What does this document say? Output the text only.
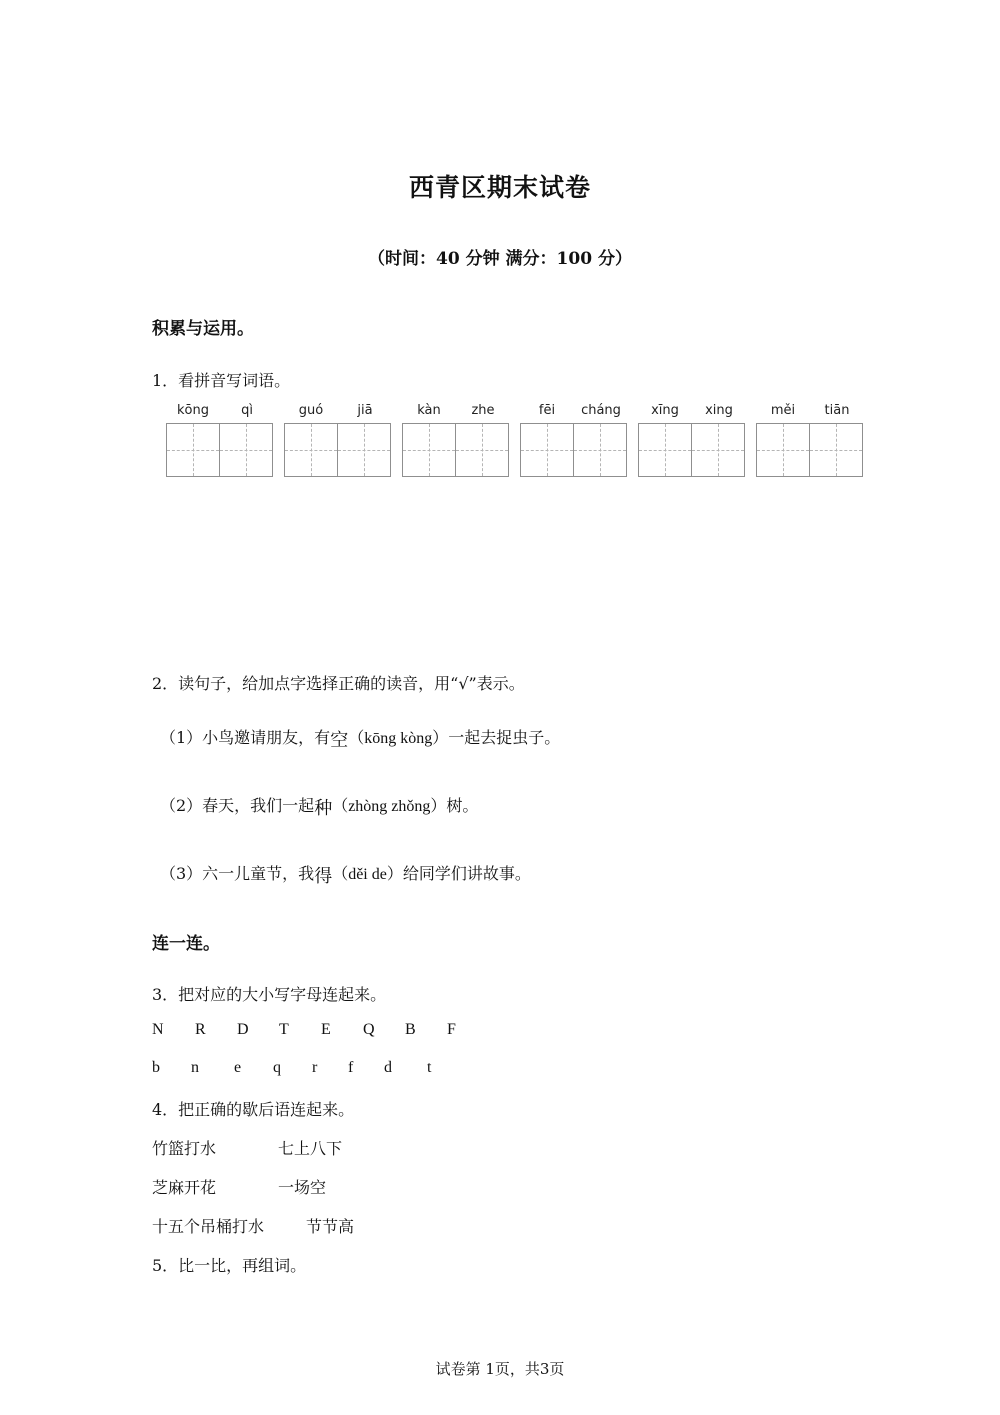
西青区期末试卷
（时间：40 分钟 满分：100 分）
积累与运用。
1．看拼音写词语。
kōng	qì	guó	jiā	kàn	zhe	fēi	cháng	xīng	xing	měi	tiān
2．读句子，给加点字选择正确的读音，用“√”表示。
（1）小鸟邀请朋友，有空（kōng kòng）一起去捉虫子。
（2）春天，我们一起种（zhòng zhǒng）树。
（3）六一儿童节，我得（děi de）给同学们讲故事。
连一连。
3．把对应的大小写字母连起来。
N R D T E Q B F
b n e q r f d t
4．把正确的歇后语连起来。
竹篮打水	七上八下
芝麻开花	一场空
十五个吊桶打水	节节高
5．比一比，再组词。
试卷第 1页，共3页
